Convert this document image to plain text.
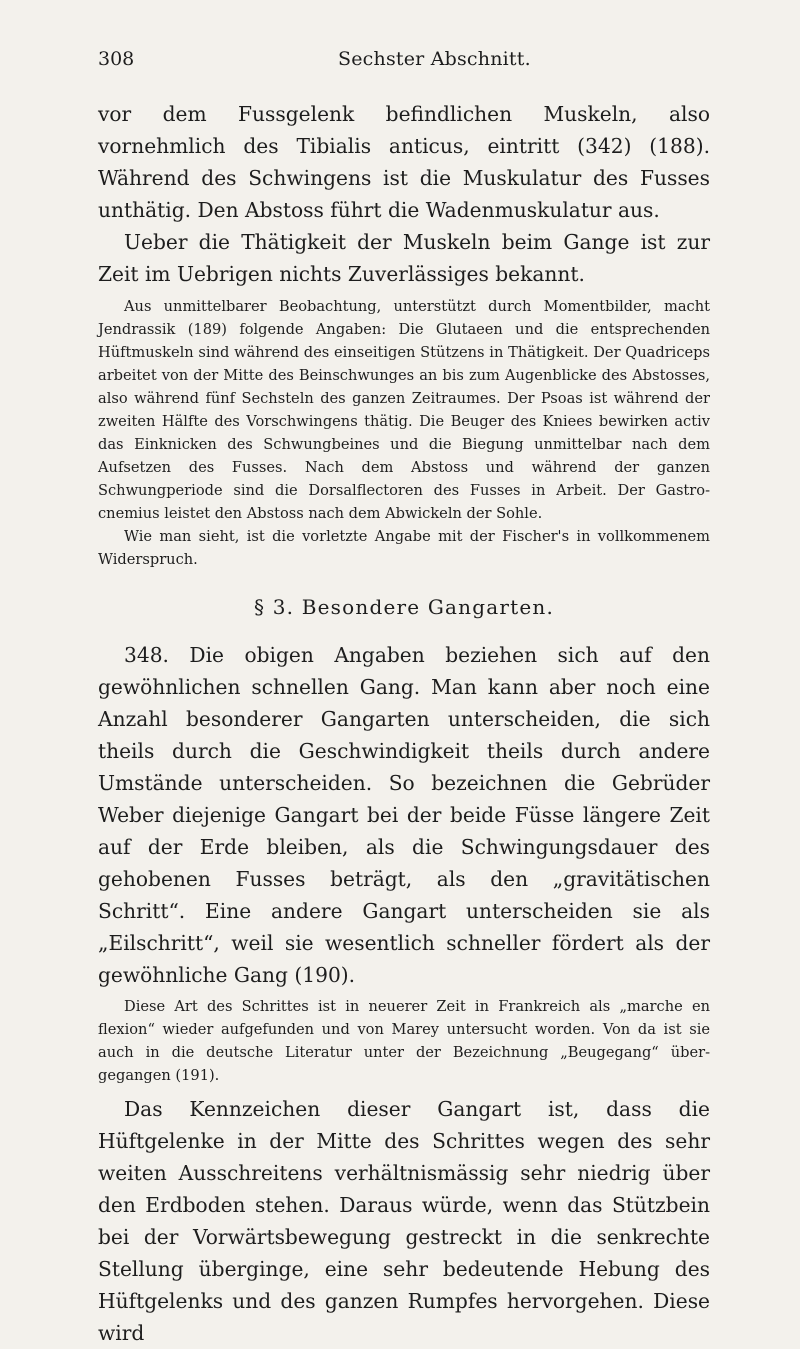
308	Sechster Abschnitt.

vor dem Fussgelenk befindlichen Muskeln, also vornehmlich des Tibialis anticus, eintritt (342) (188). Während des Schwingens ist die Muskulatur des Fusses unthätig. Den Abstoss führt die Wadenmuskulatur aus.

Ueber die Thätigkeit der Muskeln beim Gange ist zur Zeit im Uebrigen nichts Zuverlässiges bekannt.

Aus unmittelbarer Beobachtung, unterstützt durch Momentbilder, macht Jendrassik (189) folgende Angaben: Die Glutaeen und die entsprechenden Hüftmuskeln sind während des einseitigen Stützens in Thätigkeit. Der Quadriceps arbeitet von der Mitte des Beinschwunges an bis zum Augenblicke des Abstosses, also während fünf Sechsteln des ganzen Zeitraumes. Der Psoas ist während der zweiten Hälfte des Vorschwingens thätig. Die Beuger des Kniees bewirken activ das Einknicken des Schwungbeines und die Biegung unmittelbar nach dem Aufsetzen des Fusses. Nach dem Abstoss und während der ganzen Schwungperiode sind die Dorsalflectoren des Fusses in Arbeit. Der Gastrocnemius leistet den Abstoss nach dem Abwickeln der Sohle.

Wie man sieht, ist die vorletzte Angabe mit der Fischer's in vollkommenem Widerspruch.

§ 3. Besondere Gangarten.

348. Die obigen Angaben beziehen sich auf den gewöhnlichen schnellen Gang. Man kann aber noch eine Anzahl besonderer Gangarten unterscheiden, die sich theils durch die Geschwindigkeit theils durch andere Umstände unterscheiden. So bezeichnen die Gebrüder Weber diejenige Gangart bei der beide Füsse längere Zeit auf der Erde bleiben, als die Schwingungsdauer des gehobenen Fusses beträgt, als den „gravitätischen Schritt“. Eine andere Gangart unterscheiden sie als „Eilschritt“, weil sie wesentlich schneller fördert als der gewöhnliche Gang (190).

Diese Art des Schrittes ist in neuerer Zeit in Frankreich als „marche en flexion“ wieder aufgefunden und von Marey untersucht worden. Von da ist sie auch in die deutsche Literatur unter der Bezeichnung „Beugegang“ übergegangen (191).

Das Kennzeichen dieser Gangart ist, dass die Hüftgelenke in der Mitte des Schrittes wegen des sehr weiten Ausschreitens verhältnismässig sehr niedrig über den Erdboden stehen. Daraus würde, wenn das Stützbein bei der Vorwärtsbewegung gestreckt in die senkrechte Stellung überginge, eine sehr bedeutende Hebung des Hüftgelenks und des ganzen Rumpfes hervorgehen. Diese wird
